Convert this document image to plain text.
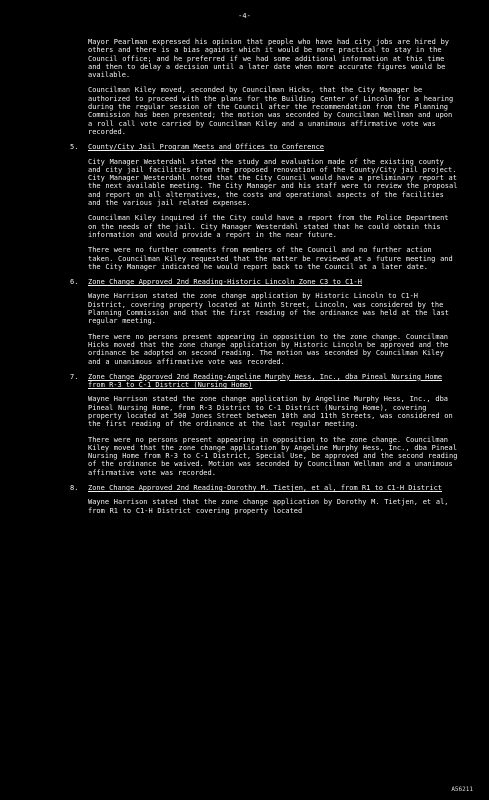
-4-

Mayor Pearlman expressed his opinion that people who have had city jobs are hired by others and there is a bias against which it would be more practical to stay in the Council office; and he preferred if we had some additional information at this time and then to delay a decision until a later date when more accurate figures would be available.

Councilman Kiley moved, seconded by Councilman Hicks, that the City Manager be authorized to proceed with the plans for the Building Center of Lincoln for a hearing during the regular session of the Council after the recommendation from the Planning Commission has been presented; the motion was seconded by Councilman Wellman and upon a roll call vote carried by Councilman Kiley and a unanimous affirmative vote was recorded.

5. County/City Jail Program Meets and Offices to Conference

City Manager Westerdahl stated the study and evaluation made of the existing county and city jail facilities from the proposed renovation of the County/City jail project. City Manager Westerdahl noted that the City Council would have a preliminary report at the next available meeting. The City Manager and his staff were to review the proposal and report on all alternatives, the costs and operational aspects of the facilities and the various jail related expenses.

Councilman Kiley inquired if the City could have a report from the Police Department on the needs of the jail. City Manager Westerdahl stated that he could obtain this information and would provide a report in the near future.

There were no further comments from members of the Council and no further action taken. Councilman Kiley requested that the matter be reviewed at a future meeting and the City Manager indicated he would report back to the Council at a later date.

6. Zone Change Approved 2nd Reading-Historic Lincoln Zone C3 to C1-H

Wayne Harrison stated the zone change application by Historic Lincoln to C1-H District, covering property located at Ninth Street, Lincoln, was considered by the Planning Commission and that the first reading of the ordinance was held at the last regular meeting.

There were no persons present appearing in opposition to the zone change. Councilman Hicks moved that the zone change application by Historic Lincoln be approved and the ordinance be adopted on second reading. The motion was seconded by Councilman Kiley and a unanimous affirmative vote was recorded.

7. Zone Change Approved 2nd Reading-Angeline Murphy Hess, Inc., dba Pineal Nursing Home from R-3 to C-1 District (Nursing Home)

Wayne Harrison stated the zone change application by Angeline Murphy Hess, Inc., dba Pineal Nursing Home, from R-3 District to C-1 District (Nursing Home), covering property located at 500 Jones Street between 10th and 11th Streets, was considered on the first reading of the ordinance at the last regular meeting.

There were no persons present appearing in opposition to the zone change. Councilman Kiley moved that the zone change application by Angeline Murphy Hess, Inc., dba Pineal Nursing Home from R-3 to C-1 District, Special Use, be approved and the second reading of the ordinance be waived. Motion was seconded by Councilman Wellman and a unanimous affirmative vote was recorded.

8. Zone Change Approved 2nd Reading-Dorothy M. Tietjen, et al, from R1 to C1-H District

Wayne Harrison stated that the zone change application by Dorothy M. Tietjen, et al, from R1 to C1-H District covering property located

A56211
